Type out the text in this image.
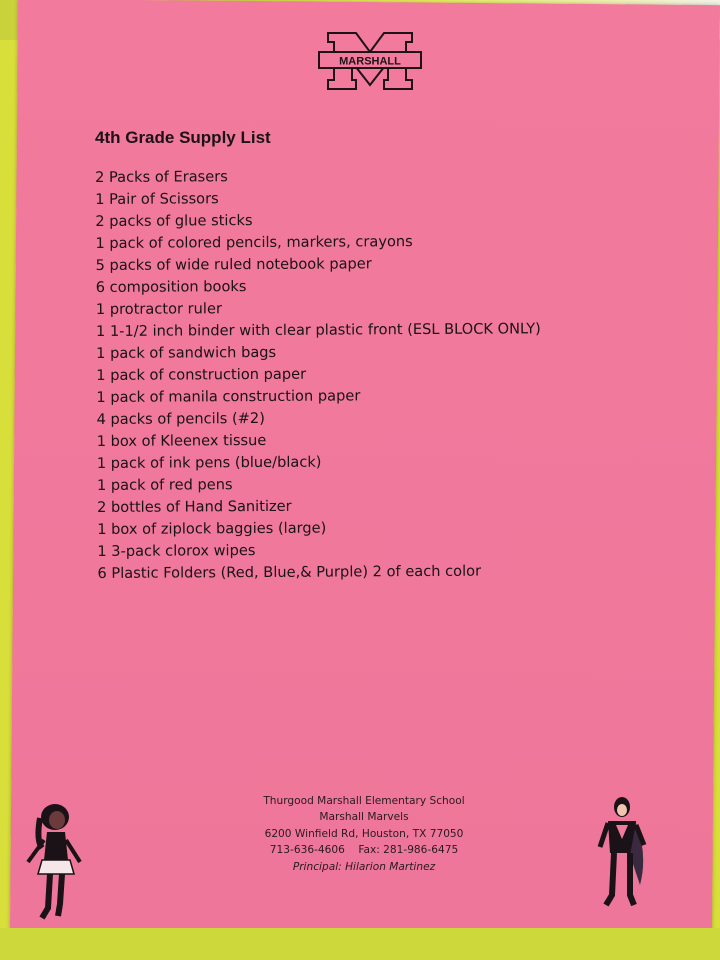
MARSHALL
4th Grade Supply List
2 Packs of Erasers
1 Pair of Scissors
2 packs of glue sticks
1 pack of colored pencils, markers, crayons
5 packs of wide ruled notebook paper
6 composition books
1 protractor ruler
1 1-1/2 inch binder with clear plastic front (ESL BLOCK ONLY)
1 pack of sandwich bags
1 pack of construction paper
1 pack of manila construction paper
4 packs of pencils (#2)
1 box of Kleenex tissue
1 pack of ink pens (blue/black)
1 pack of red pens
2 bottles of Hand Sanitizer
1 box of ziplock baggies (large)
1 3-pack clorox wipes
6 Plastic Folders (Red, Blue,& Purple) 2 of each color
Thurgood Marshall Elementary School
Marshall Marvels
6200 Winfield Rd, Houston, TX 77050
713-636-4606 Fax: 281-986-6475
Principal: Hilarion Martinez
